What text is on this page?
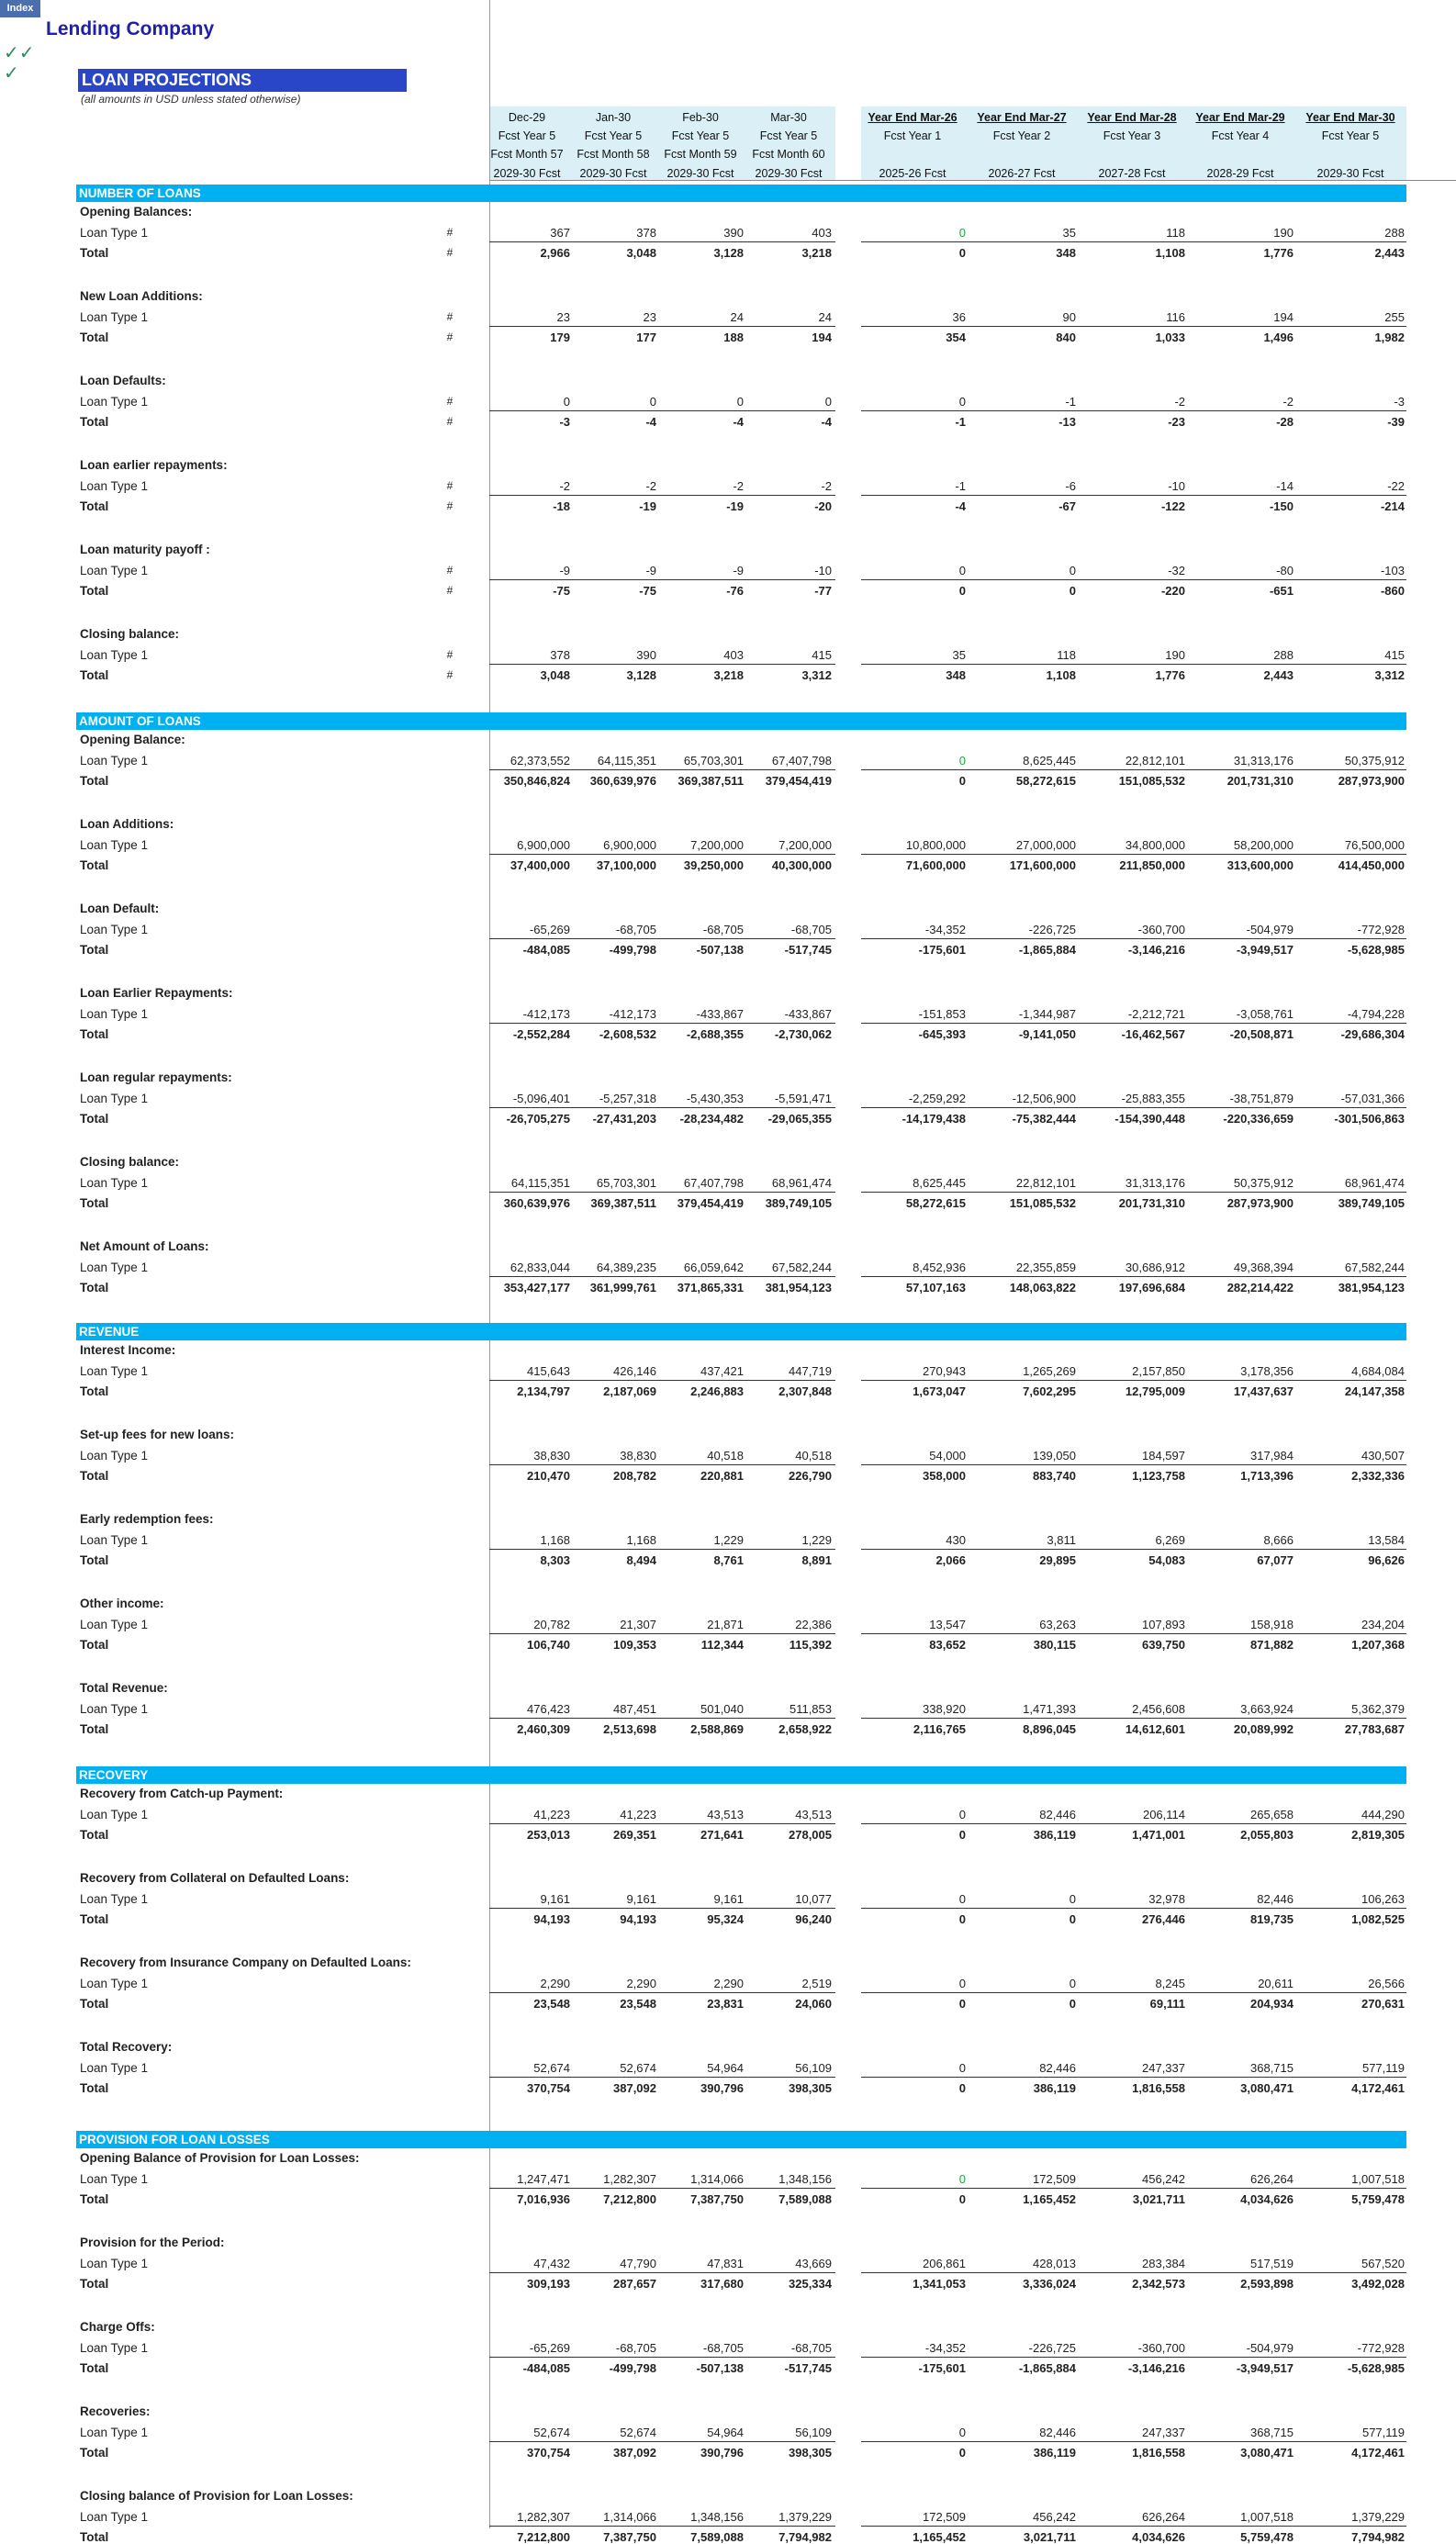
Index
Lending Company
✓✓
✓	LOAN PROJECTIONS
(all amounts in USD unless stated otherwise)
Dec-29
Fcst Year 5
Fcst Month 57
2029-30 Fcst
Jan-30
Fcst Year 5
Fcst Month 58
2029-30 Fcst
Feb-30
Fcst Year 5
Fcst Month 59
2029-30 Fcst
Mar-30
Fcst Year 5
Fcst Month 60
2029-30 Fcst
Year End Mar-26
Fcst Year 1
2025-26 Fcst
Year End Mar-27
Fcst Year 2
2026-27 Fcst
Year End Mar-28
Fcst Year 3
2027-28 Fcst
Year End Mar-29
Fcst Year 4
2028-29 Fcst
Year End Mar-30
Fcst Year 5
2029-30 Fcst
NUMBER OF LOANS
Opening Balances:
Loan Type 1
Total
#
#
367
2,966
378
3,048
390
3,128
403
3,218
0
0
35
348
118
1,108
190
1,776
288
2,443
New Loan Additions:
Loan Type 1
Total
#
#
23
179
23
177
24
188
24
194
36
354
90
840
116
1,033
194
1,496
255
1,982
Loan Defaults:
Loan Type 1
Total
#
#
0
-3
0
-4
0
-4
0
-4
0
-1
-1
-13
-2
-23
-2
-28
-3
-39
Loan earlier repayments:
Loan Type 1
Total
#
#
-2
-18
-2
-19
-2
-19
-2
-20
-1
-4
-6
-67
-10
-122
-14
-150
-22
-214
Loan maturity payoff :
Loan Type 1
Total
#
#
-9
-75
-9
-75
-9
-76
-10
-77
0
0
0
0
-32
-220
-80
-651
-103
-860
Closing balance:
Loan Type 1
Total
#
#
378
3,048
390
3,128
403
3,218
415
3,312
35
348
118
1,108
190
1,776
288
2,443
415
3,312
AMOUNT OF LOANS
Opening Balance:
Loan Type 1
Total
62,373,552
350,846,824
64,115,351
360,639,976
65,703,301
369,387,511
67,407,798
379,454,419
0
0
8,625,445
58,272,615
22,812,101
151,085,532
31,313,176
201,731,310
50,375,912
287,973,900
Loan Additions:
Loan Type 1
Total
6,900,000
37,400,000
6,900,000
37,100,000
7,200,000
39,250,000
7,200,000
40,300,000
10,800,000
71,600,000
27,000,000
171,600,000
34,800,000
211,850,000
58,200,000
313,600,000
76,500,000
414,450,000
Loan Default:
Loan Type 1
Total
-65,269
-484,085
-68,705
-499,798
-68,705
-507,138
-68,705
-517,745
-34,352
-175,601
-226,725
-1,865,884
-360,700
-3,146,216
-504,979
-3,949,517
-772,928
-5,628,985
Loan Earlier Repayments:
Loan Type 1
Total
-412,173
-2,552,284
-412,173
-2,608,532
-433,867
-2,688,355
-433,867
-2,730,062
-151,853
-645,393
-1,344,987
-9,141,050
-2,212,721
-16,462,567
-3,058,761
-20,508,871
-4,794,228
-29,686,304
Loan regular repayments:
Loan Type 1
Total
-5,096,401
-26,705,275
-5,257,318
-27,431,203
-5,430,353
-28,234,482
-5,591,471
-29,065,355
-2,259,292
-14,179,438
-12,506,900
-75,382,444
-25,883,355
-154,390,448
-38,751,879
-220,336,659
-57,031,366
-301,506,863
Closing balance:
Loan Type 1
Total
64,115,351
360,639,976
65,703,301
369,387,511
67,407,798
379,454,419
68,961,474
389,749,105
8,625,445
58,272,615
22,812,101
151,085,532
31,313,176
201,731,310
50,375,912
287,973,900
68,961,474
389,749,105
Net Amount of Loans:
Loan Type 1
Total
62,833,044
353,427,177
64,389,235
361,999,761
66,059,642
371,865,331
67,582,244
381,954,123
8,452,936
57,107,163
22,355,859
148,063,822
30,686,912
197,696,684
49,368,394
282,214,422
67,582,244
381,954,123
REVENUE
Interest Income:
Loan Type 1
Total
415,643
2,134,797
426,146
2,187,069
437,421
2,246,883
447,719
2,307,848
270,943
1,673,047
1,265,269
7,602,295
2,157,850
12,795,009
3,178,356
17,437,637
4,684,084
24,147,358
Set-up fees for new loans:
Loan Type 1
Total
38,830
210,470
38,830
208,782
40,518
220,881
40,518
226,790
54,000
358,000
139,050
883,740
184,597
1,123,758
317,984
1,713,396
430,507
2,332,336
Early redemption fees:
Loan Type 1
Total
1,168
8,303
1,168
8,494
1,229
8,761
1,229
8,891
430
2,066
3,811
29,895
6,269
54,083
8,666
67,077
13,584
96,626
Other income:
Loan Type 1
Total
20,782
106,740
21,307
109,353
21,871
112,344
22,386
115,392
13,547
83,652
63,263
380,115
107,893
639,750
158,918
871,882
234,204
1,207,368
Total Revenue:
Loan Type 1
Total
476,423
2,460,309
487,451
2,513,698
501,040
2,588,869
511,853
2,658,922
338,920
2,116,765
1,471,393
8,896,045
2,456,608
14,612,601
3,663,924
20,089,992
5,362,379
27,783,687
RECOVERY
Recovery from Catch-up Payment:
Loan Type 1
Total
41,223
253,013
41,223
269,351
43,513
271,641
43,513
278,005
0
0
82,446
386,119
206,114
1,471,001
265,658
2,055,803
444,290
2,819,305
Recovery from Collateral on Defaulted Loans:
Loan Type 1
Total
9,161
94,193
9,161
94,193
9,161
95,324
10,077
96,240
0
0
0
0
32,978
276,446
82,446
819,735
106,263
1,082,525
Recovery from Insurance Company on Defaulted Loans:
Loan Type 1
Total
2,290
23,548
2,290
23,548
2,290
23,831
2,519
24,060
0
0
0
0
8,245
69,111
20,611
204,934
26,566
270,631
Total Recovery:
Loan Type 1
Total
52,674
370,754
52,674
387,092
54,964
390,796
56,109
398,305
0
0
82,446
386,119
247,337
1,816,558
368,715
3,080,471
577,119
4,172,461
PROVISION FOR LOAN LOSSES
Opening Balance of Provision for Loan Losses:
Loan Type 1
Total
1,247,471
7,016,936
1,282,307
7,212,800
1,314,066
7,387,750
1,348,156
7,589,088
0
0
172,509
1,165,452
456,242
3,021,711
626,264
4,034,626
1,007,518
5,759,478
Provision for the Period:
Loan Type 1
Total
47,432
309,193
47,790
287,657
47,831
317,680
43,669
325,334
206,861
1,341,053
428,013
3,336,024
283,384
2,342,573
517,519
2,593,898
567,520
3,492,028
Charge Offs:
Loan Type 1
Total
-65,269
-484,085
-68,705
-499,798
-68,705
-507,138
-68,705
-517,745
-34,352
-175,601
-226,725
-1,865,884
-360,700
-3,146,216
-504,979
-3,949,517
-772,928
-5,628,985
Recoveries:
Loan Type 1
Total
52,674
370,754
52,674
387,092
54,964
390,796
56,109
398,305
0
0
82,446
386,119
247,337
1,816,558
368,715
3,080,471
577,119
4,172,461
Closing balance of Provision for Loan Losses:
Loan Type 1
Total
1,282,307
7,212,800
1,314,066
7,387,750
1,348,156
7,589,088
1,379,229
7,794,982
172,509
1,165,452
456,242
3,021,711
626,264
4,034,626
1,007,518
5,759,478
1,379,229
7,794,982
